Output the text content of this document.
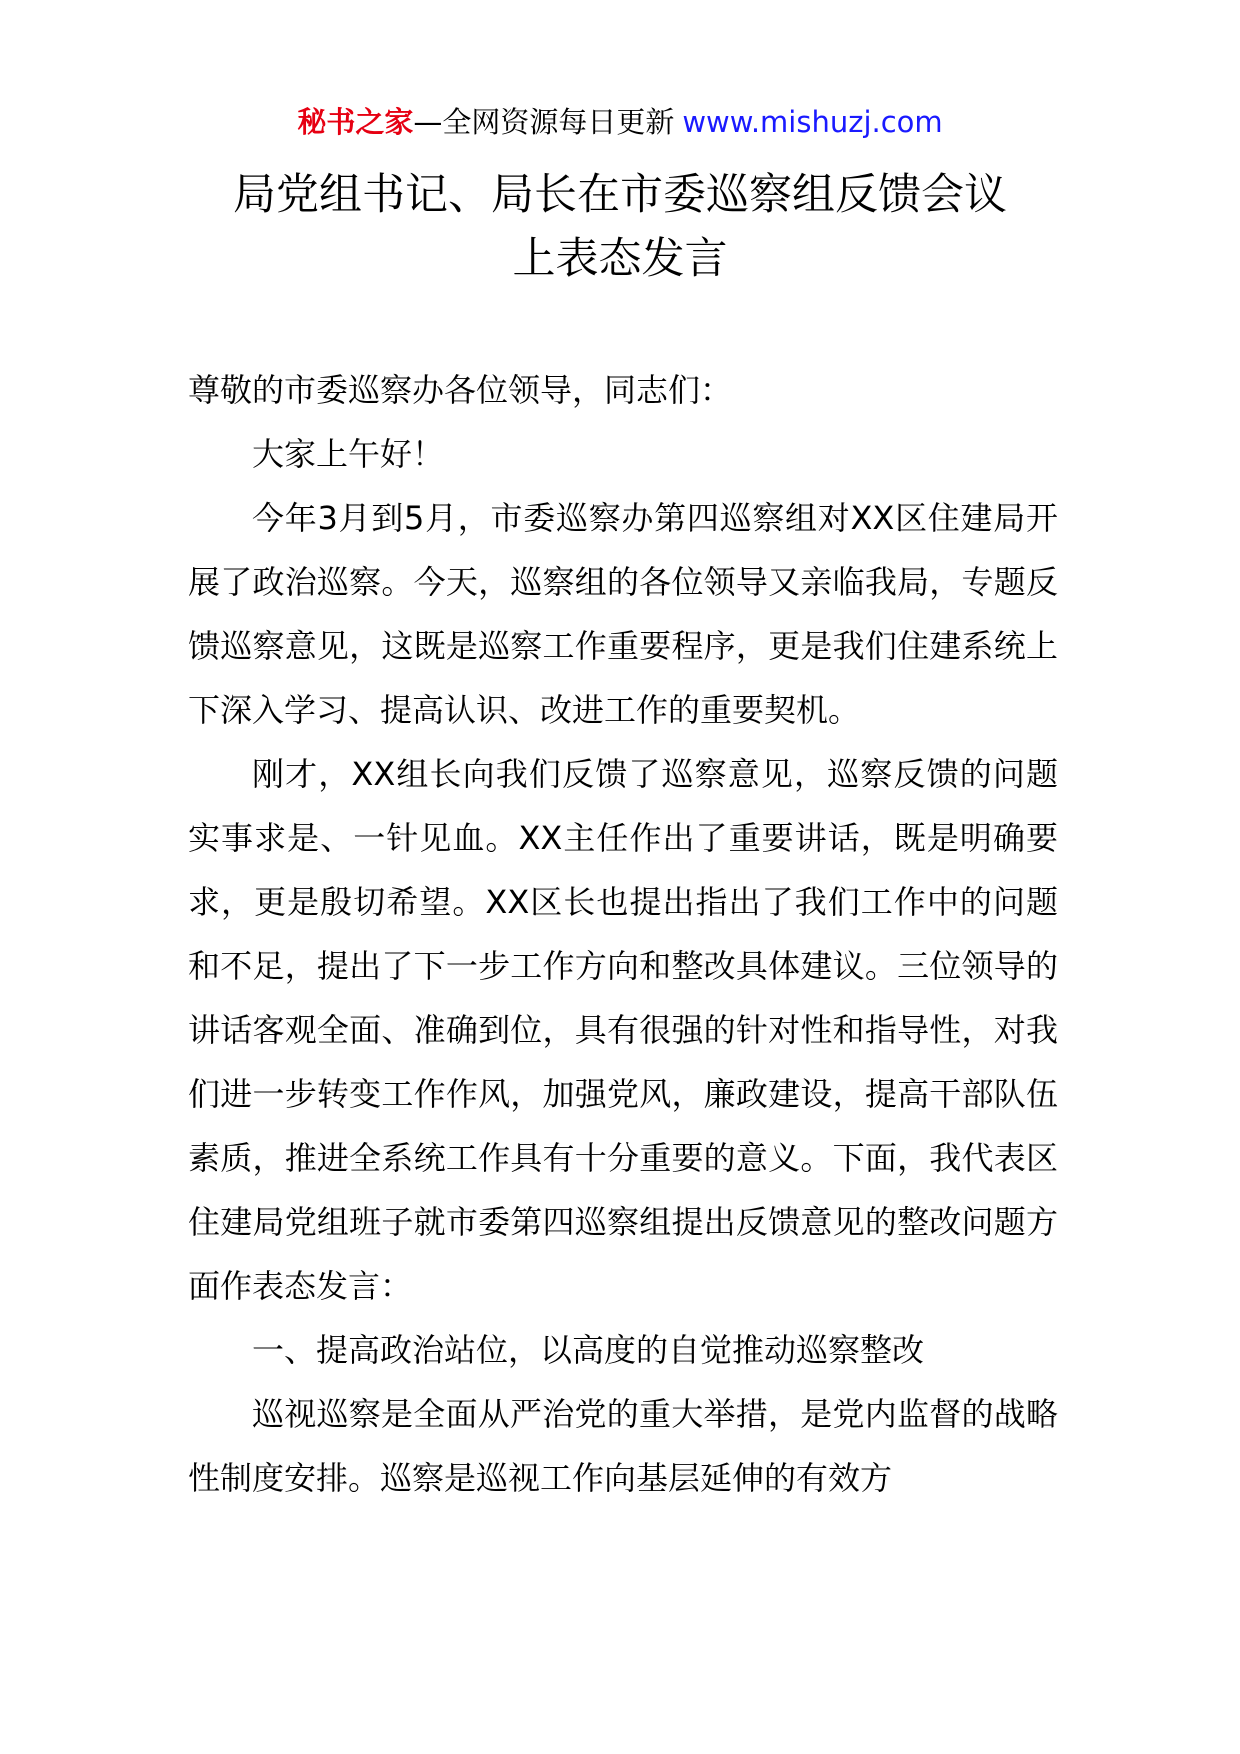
秘书之家—全网资源每日更新 www.mishuzj.com
局党组书记、局长在市委巡察组反馈会议
上表态发言

尊敬的市委巡察办各位领导，同志们：

大家上午好！

今年3月到5月，市委巡察办第四巡察组对XX区住建局开展了政治巡察。今天，巡察组的各位领导又亲临我局，专题反馈巡察意见，这既是巡察工作重要程序，更是我们住建系统上下深入学习、提高认识、改进工作的重要契机。

刚才，XX组长向我们反馈了巡察意见，巡察反馈的问题实事求是、一针见血。XX主任作出了重要讲话，既是明确要求，更是殷切希望。XX区长也提出指出了我们工作中的问题和不足，提出了下一步工作方向和整改具体建议。三位领导的讲话客观全面、准确到位，具有很强的针对性和指导性，对我们进一步转变工作作风，加强党风，廉政建设，提高干部队伍素质，推进全系统工作具有十分重要的意义。下面，我代表区住建局党组班子就市委第四巡察组提出反馈意见的整改问题方面作表态发言：

一、提高政治站位，以高度的自觉推动巡察整改

巡视巡察是全面从严治党的重大举措，是党内监督的战略性制度安排。巡察是巡视工作向基层延伸的有效方
